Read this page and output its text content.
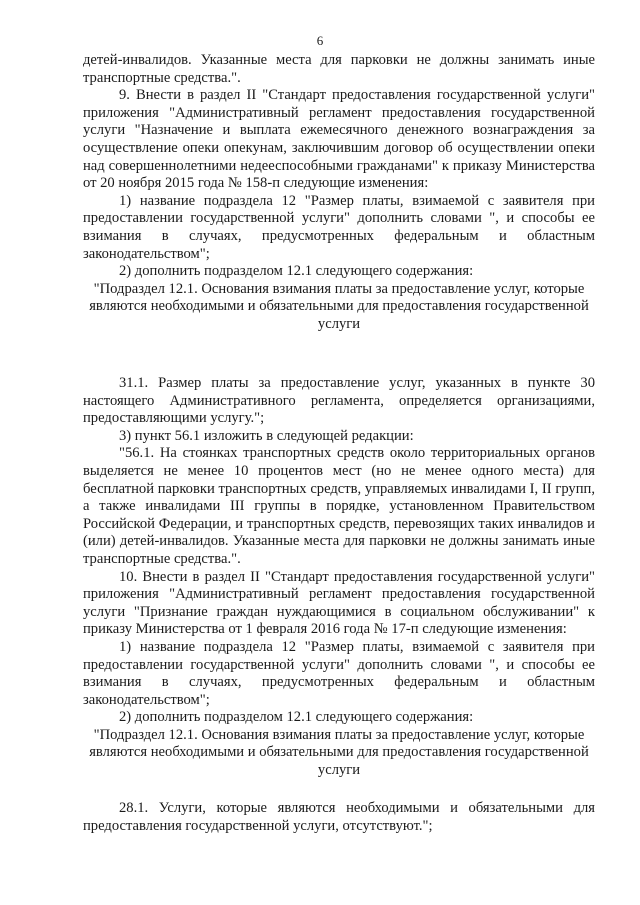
6

детей-инвалидов. Указанные места для парковки не должны занимать иные транспортные средства.".

9. Внести в раздел II "Стандарт предоставления государственной услуги" приложения "Административный регламент предоставления государственной услуги "Назначение и выплата ежемесячного денежного вознаграждения за осуществление опеки опекунам, заключившим договор об осуществлении опеки над совершеннолетними недееспособными гражданами" к приказу Министерства от 20 ноября 2015 года № 158-п следующие изменения:

1) название подраздела 12 "Размер платы, взимаемой с заявителя при предоставлении государственной услуги" дополнить словами ", и способы ее взимания в случаях, предусмотренных федеральным и областным законодательством";

2) дополнить подразделом 12.1 следующего содержания:

"Подраздел 12.1. Основания взимания платы за предоставление услуг, которые являются необходимыми и обязательными для предоставления государственной услуги

31.1. Размер платы за предоставление услуг, указанных в пункте 30 настоящего Административного регламента, определяется организациями, предоставляющими услугу.";

3) пункт 56.1 изложить в следующей редакции:

"56.1. На стоянках транспортных средств около территориальных органов выделяется не менее 10 процентов мест (но не менее одного места) для бесплатной парковки транспортных средств, управляемых инвалидами I, II групп, а также инвалидами III группы в порядке, установленном Правительством Российской Федерации, и транспортных средств, перевозящих таких инвалидов и (или) детей-инвалидов. Указанные места для парковки не должны занимать иные транспортные средства.".

10. Внести в раздел II "Стандарт предоставления государственной услуги" приложения "Административный регламент предоставления государственной услуги "Признание граждан нуждающимися в социальном обслуживании" к приказу Министерства от 1 февраля 2016 года № 17-п следующие изменения:

1) название подраздела 12 "Размер платы, взимаемой с заявителя при предоставлении государственной услуги" дополнить словами ", и способы ее взимания в случаях, предусмотренных федеральным и областным законодательством";

2) дополнить подразделом 12.1 следующего содержания:

"Подраздел 12.1. Основания взимания платы за предоставление услуг, которые являются необходимыми и обязательными для предоставления государственной услуги

28.1. Услуги, которые являются необходимыми и обязательными для предоставления государственной услуги, отсутствуют.";
